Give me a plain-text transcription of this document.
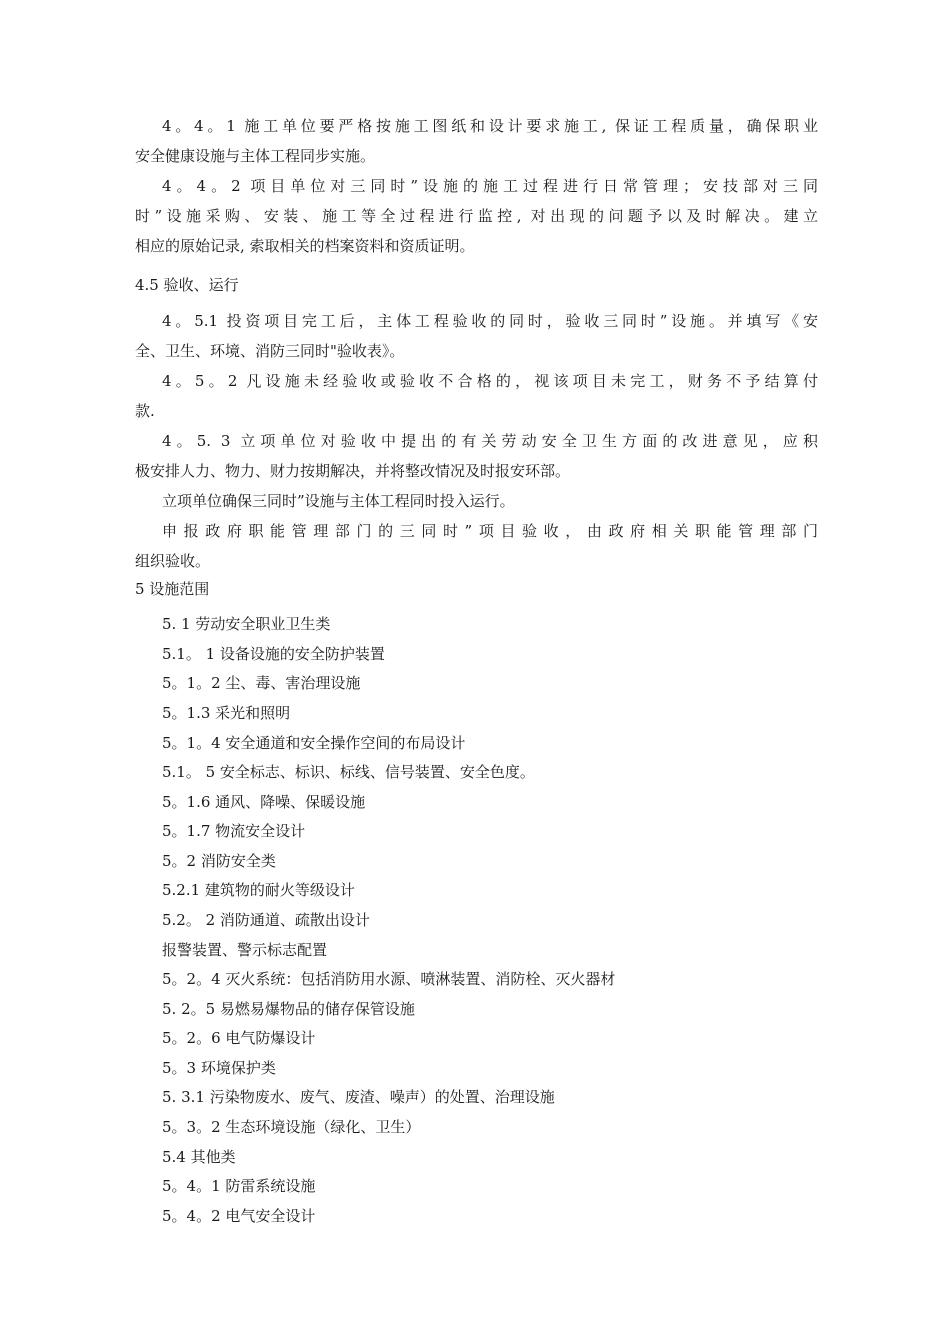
4。4。1 施工单位要严格按施工图纸和设计要求施工, 保证工程质量，确保职业
安全健康设施与主体工程同步实施。
4。4。2 项目单位对三同时”设施的施工过程进行日常管理；安技部对三同
时”设施采购、安装、施工等全过程进行监控, 对出现的问题予以及时解决。建立
相应的原始记录, 索取相关的档案资料和资质证明。
4.5 验收、运行
4。5.1 投资项目完工后，主体工程验收的同时，验收三同时”设施。并填写《安
全、卫生、环境、消防三同时"验收表》。
4。5。2 凡设施未经验收或验收不合格的，视该项目未完工，财务不予结算付
款.
4。5. 3 立项单位对验收中提出的有关劳动安全卫生方面的改进意见，应积
极安排人力、物力、财力按期解决，并将整改情况及时报安环部。
立项单位确保三同时”设施与主体工程同时投入运行。
申报政府职能管理部门的三同时”项目验收，由政府相关职能管理部门
组织验收。
5 设施范围
5. 1 劳动安全职业卫生类
5.1。 1 设备设施的安全防护装置
5。1。2 尘、毒、害治理设施
5。1.3 采光和照明
5。1。4 安全通道和安全操作空间的布局设计
5.1。 5 安全标志、标识、标线、信号装置、安全色度。
5。1.6 通风、降噪、保暖设施
5。1.7 物流安全设计
5。2 消防安全类
5.2.1 建筑物的耐火等级设计
5.2。 2 消防通道、疏散出设计
报警装置、警示标志配置
5。2。4 灭火系统：包括消防用水源、喷淋装置、消防栓、灭火器材
5. 2。5 易燃易爆物品的储存保管设施
5。2。6 电气防爆设计
5。3 环境保护类
5. 3.1 污染物废水、废气、废渣、噪声）的处置、治理设施
5。3。2 生态环境设施（绿化、卫生）
5.4 其他类
5。4。1 防雷系统设施
5。4。2 电气安全设计
